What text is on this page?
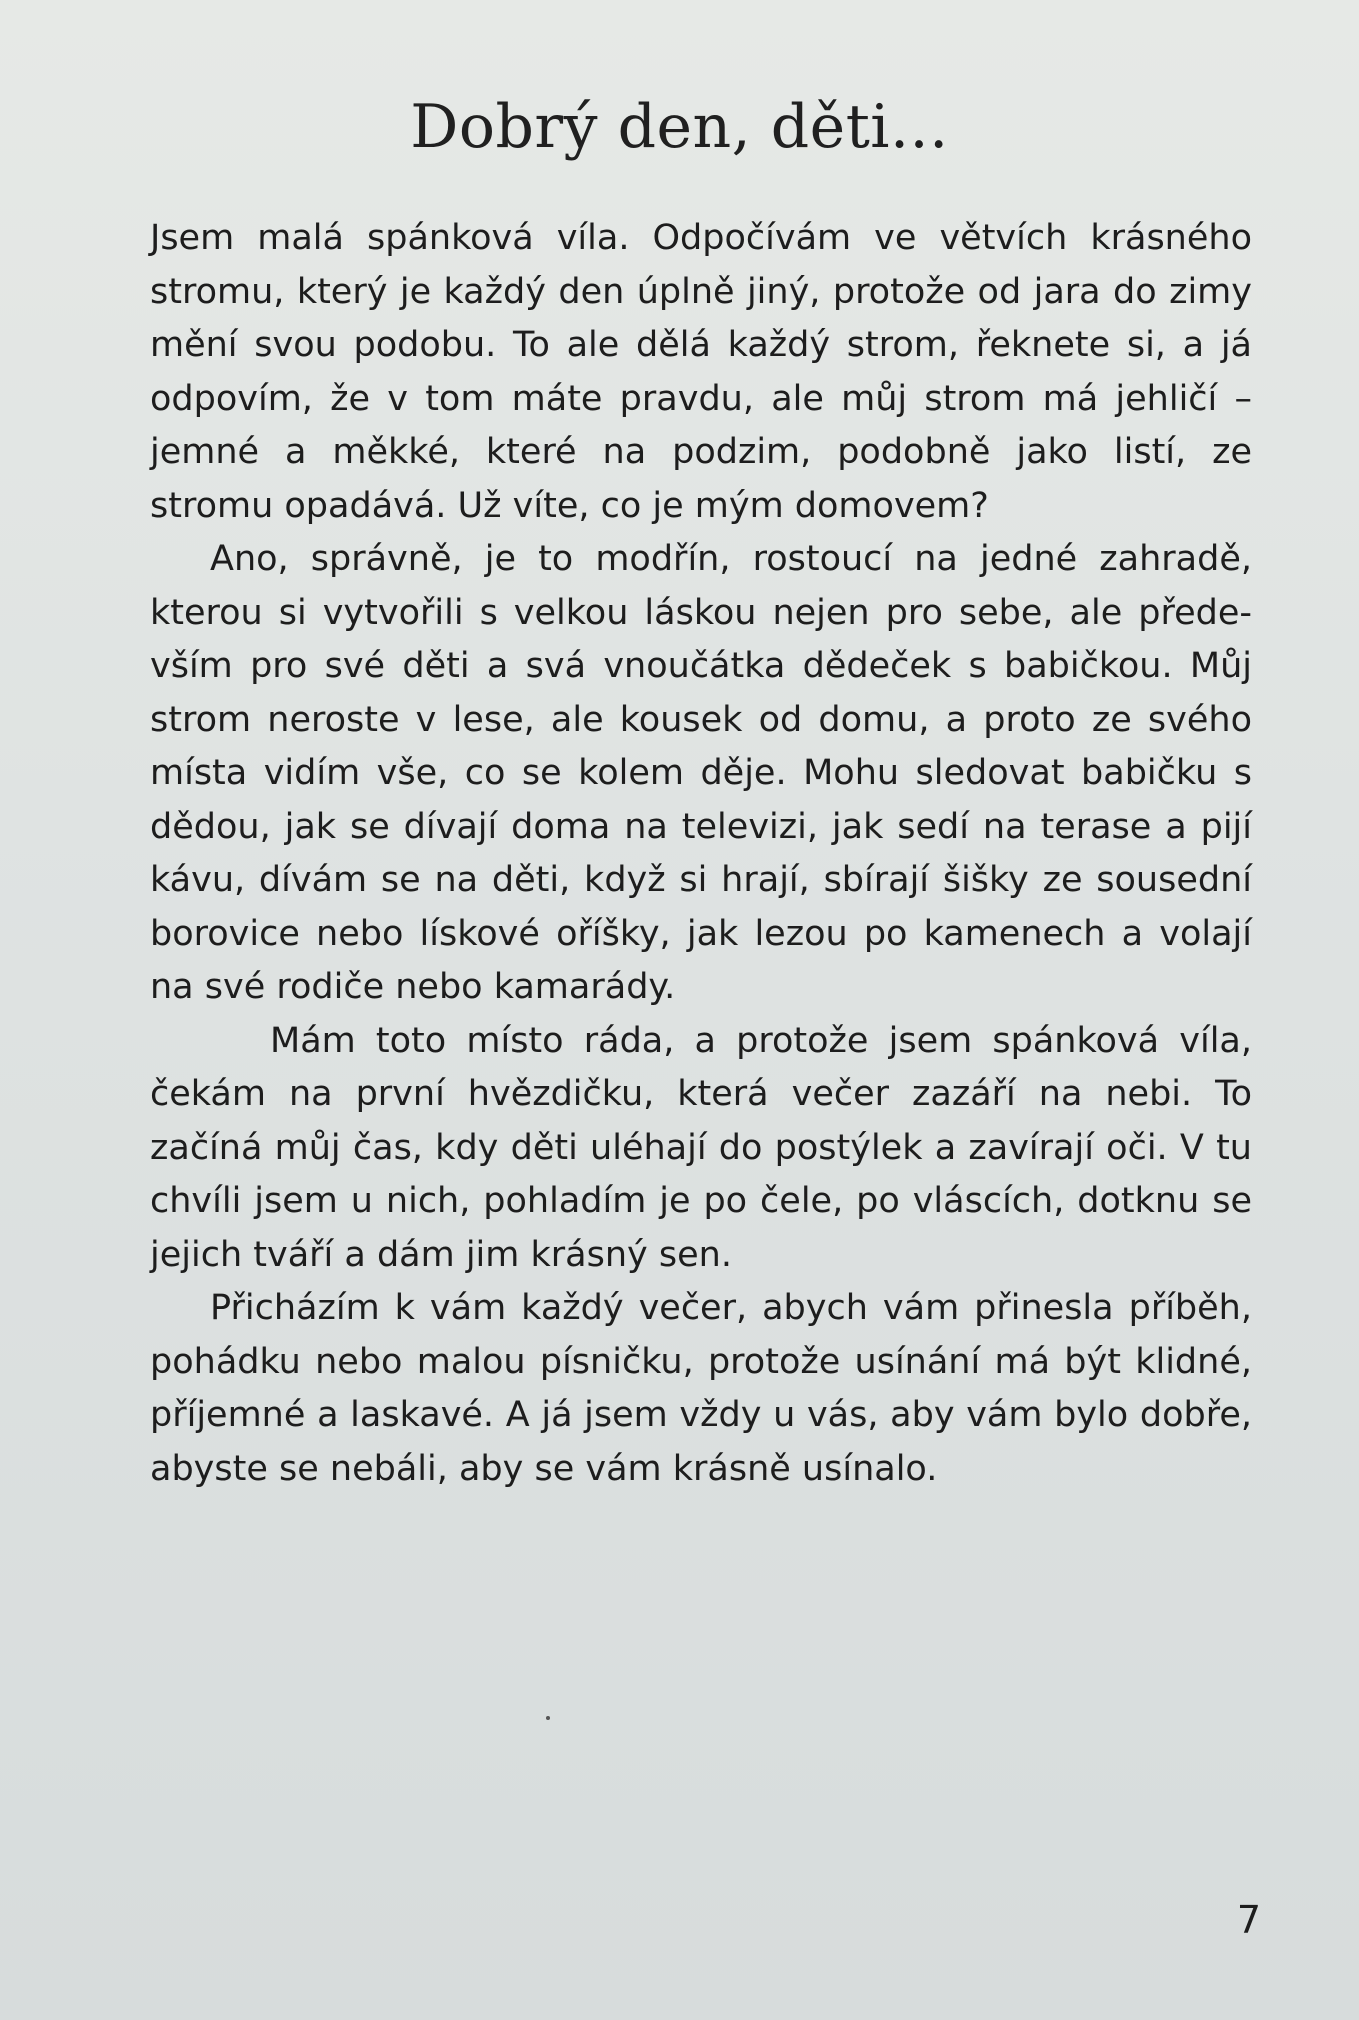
Dobrý den, děti...

Jsem malá spánková víla. Odpočívám ve větvích krásného stromu, který je každý den úplně jiný, protože od jara do zimy mění svou podobu. To ale dělá každý strom, řeknete si, a já odpovím, že v tom máte pravdu, ale můj strom má jehličí – jemné a měkké, které na podzim, podobně jako listí, ze stromu opadává. Už víte, co je mým domovem?

Ano, správně, je to modřín, rostoucí na jedné zahradě, kterou si vytvořili s velkou láskou nejen pro sebe, ale především pro své děti a svá vnoučátka dědeček s babičkou. Můj strom neroste v lese, ale kousek od domu, a proto ze svého místa vidím vše, co se kolem děje. Mohu sledovat babičku s dědou, jak se dívají doma na televizi, jak sedí na terase a pijí kávu, dívám se na děti, když si hrají, sbírají šišky ze sousední borovice nebo lískové oříšky, jak lezou po kamenech a volají na své rodiče nebo kamarády.

Mám toto místo ráda, a protože jsem spánková víla, čekám na první hvězdičku, která večer zazáří na nebi. To začíná můj čas, kdy děti uléhají do postýlek a zavírají oči. V tu chvíli jsem u nich, pohladím je po čele, po vláscích, dotknu se jejich tváří a dám jim krásný sen.

Přicházím k vám každý večer, abych vám přinesla příběh, pohádku nebo malou písničku, protože usínání má být klidné, příjemné a laskavé. A já jsem vždy u vás, aby vám bylo dobře, abyste se nebáli, aby se vám krásně usínalo.

7
